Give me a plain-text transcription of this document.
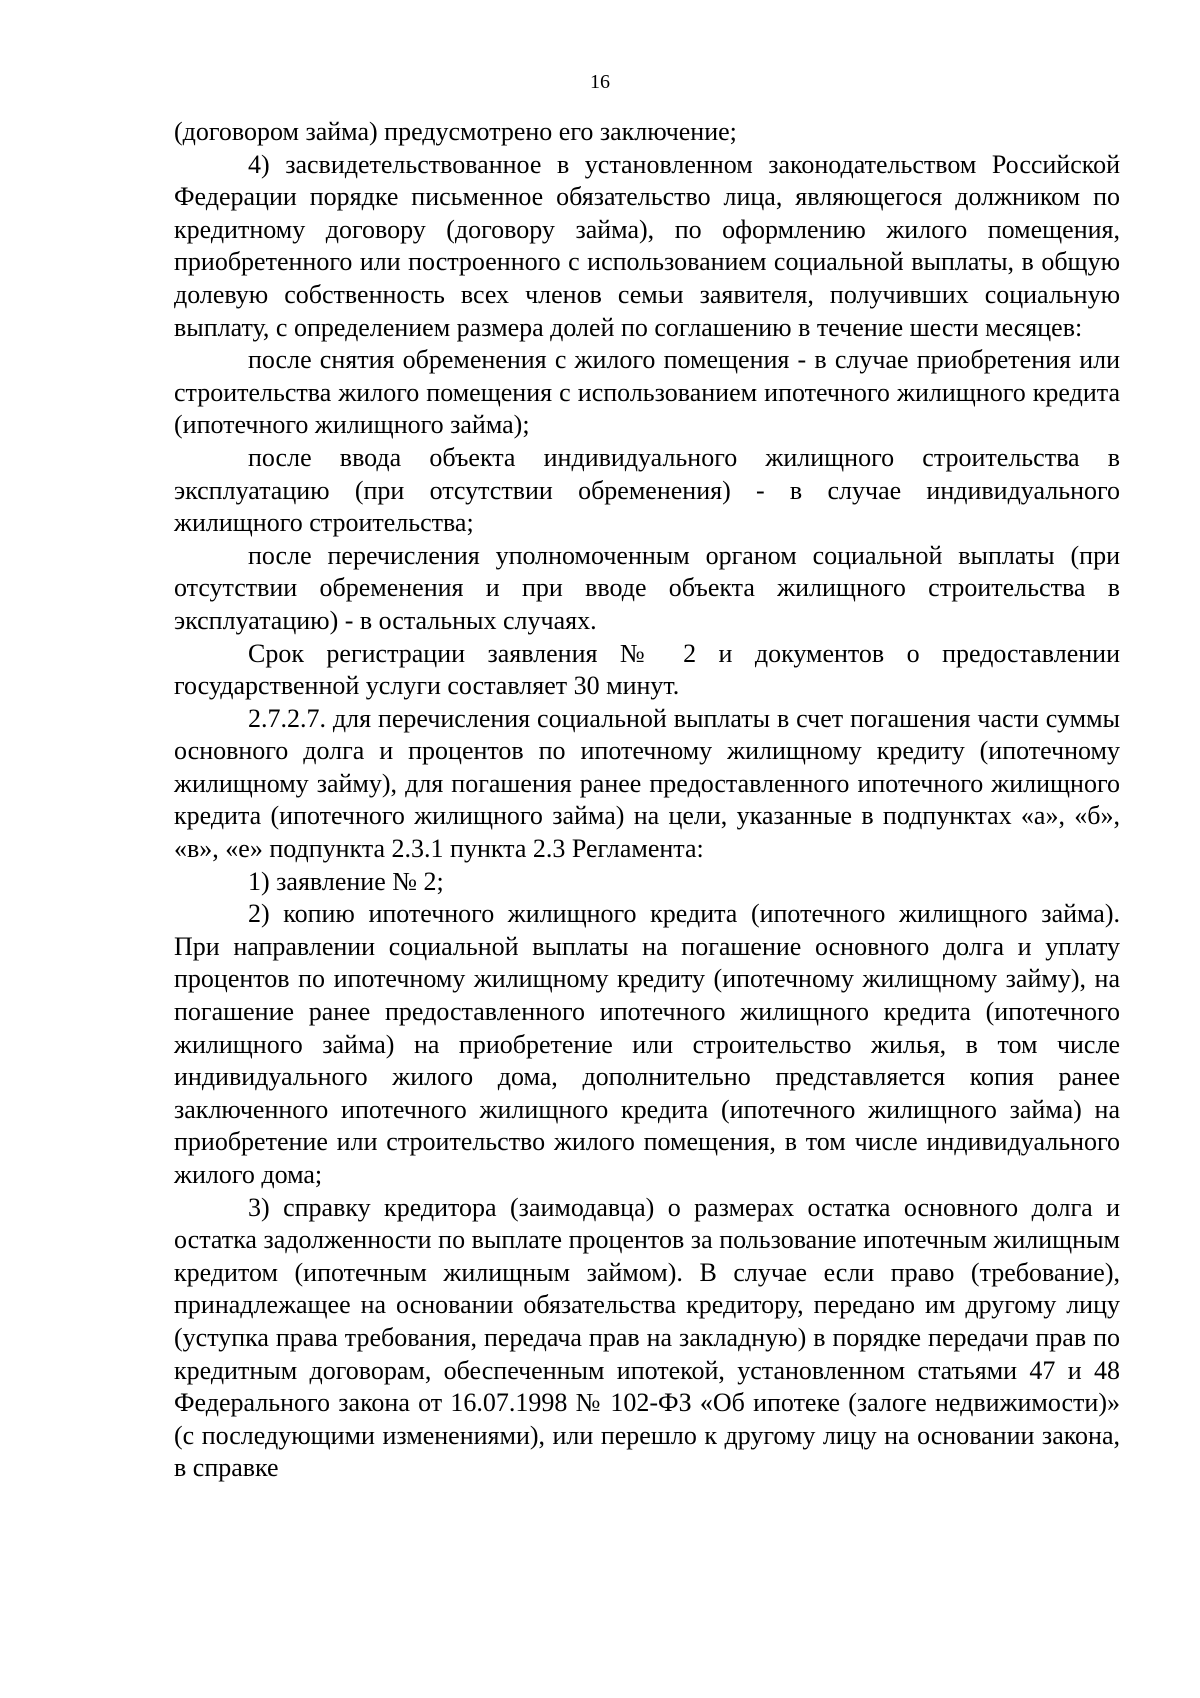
16

(договором займа) предусмотрено его заключение;

4) засвидетельствованное в установленном законодательством Российской Федерации порядке письменное обязательство лица, являющегося должником по кредитному договору (договору займа), по оформлению жилого помещения, приобретенного или построенного с использованием социальной выплаты, в общую долевую собственность всех членов семьи заявителя, получивших социальную выплату, с определением размера долей по соглашению в течение шести месяцев:

после снятия обременения с жилого помещения - в случае приобретения или строительства жилого помещения с использованием ипотечного жилищного кредита (ипотечного жилищного займа);

после ввода объекта индивидуального жилищного строительства в эксплуатацию (при отсутствии обременения) - в случае индивидуального жилищного строительства;

после перечисления уполномоченным органом социальной выплаты (при отсутствии обременения и при вводе объекта жилищного строительства в эксплуатацию) - в остальных случаях.

Срок регистрации заявления № 2 и документов о предоставлении государственной услуги составляет 30 минут.

2.7.2.7. для перечисления социальной выплаты в счет погашения части суммы основного долга и процентов по ипотечному жилищному кредиту (ипотечному жилищному займу), для погашения ранее предоставленного ипотечного жилищного кредита (ипотечного жилищного займа) на цели, указанные в подпунктах «а», «б», «в», «е» подпункта 2.3.1 пункта 2.3 Регламента:

1) заявление № 2;

2) копию ипотечного жилищного кредита (ипотечного жилищного займа). При направлении социальной выплаты на погашение основного долга и уплату процентов по ипотечному жилищному кредиту (ипотечному жилищному займу), на погашение ранее предоставленного ипотечного жилищного кредита (ипотечного жилищного займа) на приобретение или строительство жилья, в том числе индивидуального жилого дома, дополнительно представляется копия ранее заключенного ипотечного жилищного кредита (ипотечного жилищного займа) на приобретение или строительство жилого помещения, в том числе индивидуального жилого дома;

3) справку кредитора (заимодавца) о размерах остатка основного долга и остатка задолженности по выплате процентов за пользование ипотечным жилищным кредитом (ипотечным жилищным займом). В случае если право (требование), принадлежащее на основании обязательства кредитору, передано им другому лицу (уступка права требования, передача прав на закладную) в порядке передачи прав по кредитным договорам, обеспеченным ипотекой, установленном статьями 47 и 48 Федерального закона от 16.07.1998 № 102-ФЗ «Об ипотеке (залоге недвижимости)» (с последующими изменениями), или перешло к другому лицу на основании закона, в справке
